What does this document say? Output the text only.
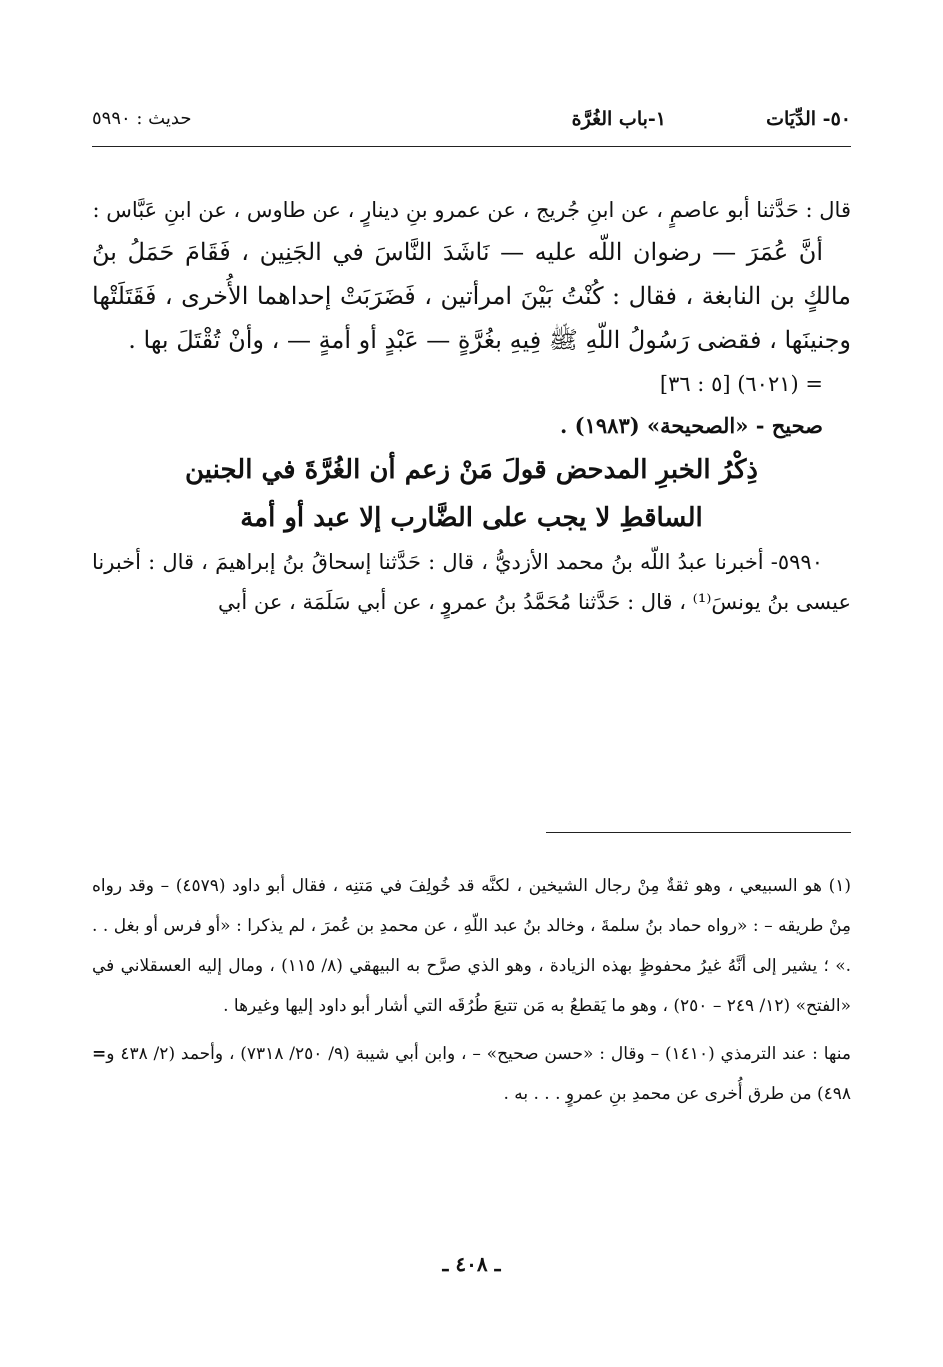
٥٠- الدِّيَات
١-باب الغُرَّة
حديث : ٥٩٩٠

قال : حَدَّثنا أبو عاصمٍ ، عن ابنِ جُريج ، عن عمرو بنِ دينارٍ ، عن طاوس ، عن ابنِ عَبَّاس :

أنَّ عُمَرَ — رضوان اللّه عليه — نَاشَدَ النَّاسَ في الجَنِين ، فَقَامَ حَمَلُ بنُ مالكٍ بن النابغة ، فقال : كُنْتُ بَيْنَ امرأتين ، فَضَرَبَتْ إحداهما الأُخرى ، فَقَتَلَتْها وجنينَها ، فقضى رَسُولُ اللّهِ ﷺ فِيهِ بغُرَّةٍ — عَبْدٍ أو أمةٍ — ، وأنْ تُقْتَلَ بها .

= (٦٠٢١) [٥ : ٣٦]

صحيح - «الصحيحة» (١٩٨٣) .

ذِكْرُ الخبرِ المدحض قولَ مَنْ زعم أن الغُرَّةَ في الجنين
الساقطِ لا يجب على الضَّارب إلا عبد أو أمة

٥٩٩٠- أخبرنا عبدُ اللّه بنُ محمد الأزديُّ ، قال : حَدَّثنا إسحاقُ بنُ إبراهيمَ ، قال : أخبرنا عيسى بنُ يونسَ⁽¹⁾ ، قال : حَدَّثنا مُحَمَّدُ بنُ عمروٍ ، عن أبي سَلَمَة ، عن أبي

(١) هو السبيعي ، وهو ثقةٌ مِنْ رجال الشيخين ، لكنَّه قد خُولِفَ في مَتنِه ، فقال أبو داود (٤٥٧٩) – وقد رواه مِنْ طريقه – : «رواه حماد بنُ سلمةَ ، وخالد بنُ عبد اللّهِ ، عن محمدِ بن عُمرَ ، لم يذكرا : «أو فرس أو بغل . . .» ؛ يشير إلى أنَّهُ غيرُ محفوظٍ بهذه الزيادة ، وهو الذي صرَّح به البيهقي (٨/ ١١٥) ، ومال إليه العسقلاني في «الفتح» (١٢/ ٢٤٩ – ٢٥٠) ، وهو ما يَقطعُ به مَن تتبعَ طُرُقَه التي أشار أبو داود إليها وغيرها .

= منها : عند الترمذي (١٤١٠) – وقال : «حسن صحيح» – ، وابن أبي شيبة (٩/ ٢٥٠/ ٧٣١٨) ، وأحمد (٢/ ٤٣٨ و ٤٩٨) من طرق أُخرى عن محمدِ بنِ عمروٍ . . . به .

ـ ٤٠٨ ـ
